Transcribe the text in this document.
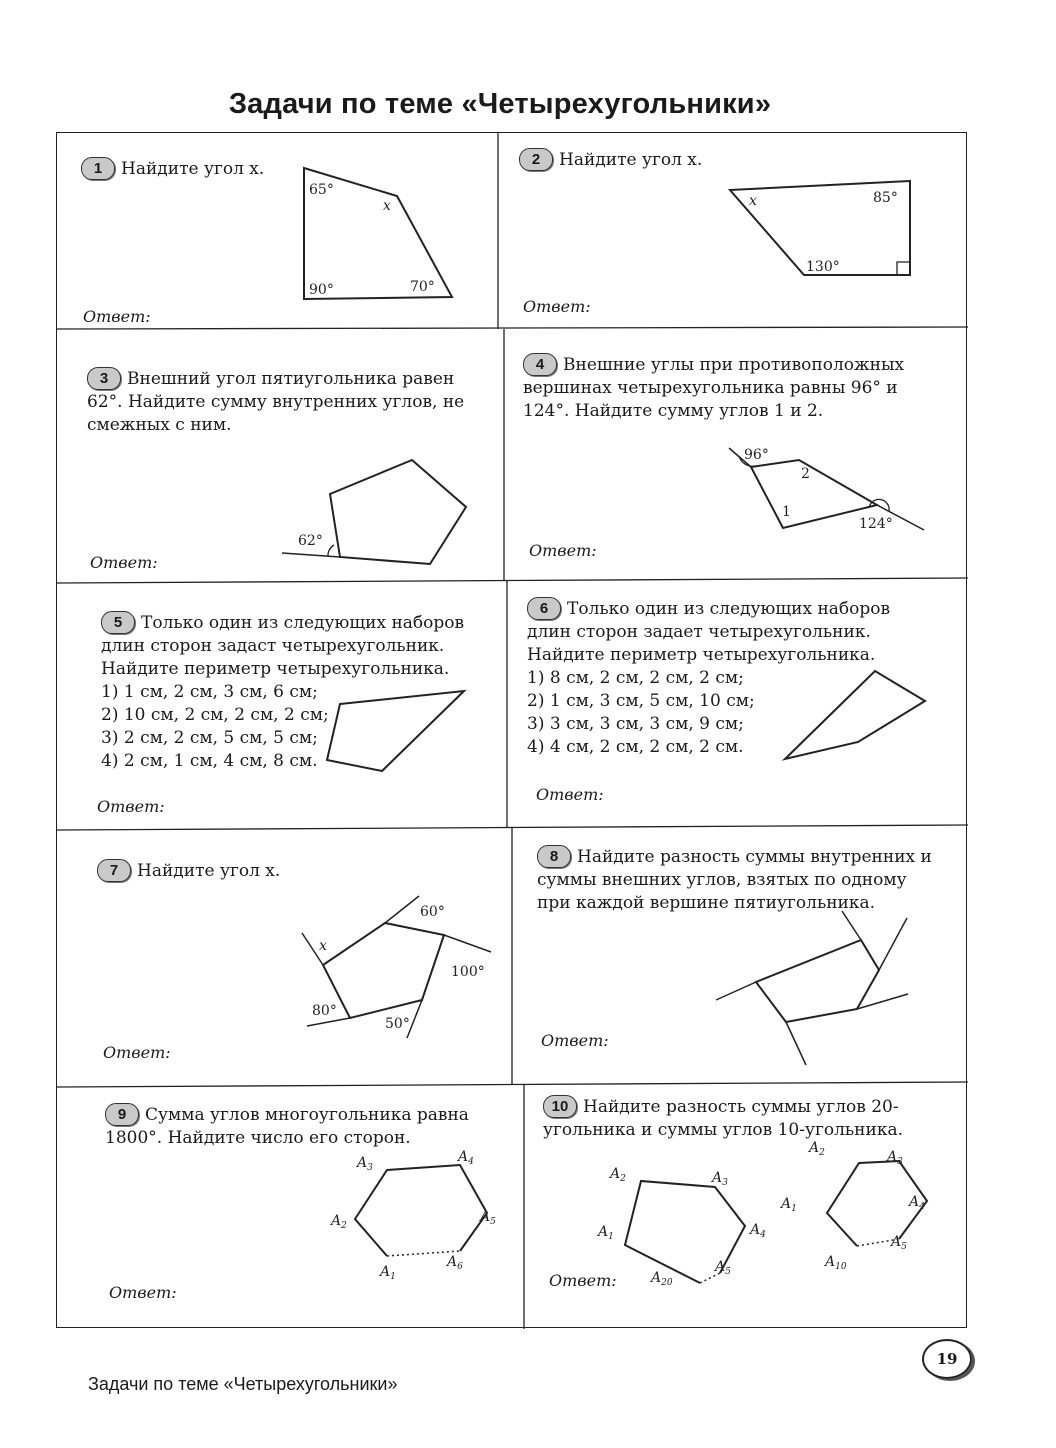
Задачи по теме «Четырехугольники»
1 Найдите угол x.
65°
x
90°	70°
Ответ:
2 Найдите угол x.
x	85°
130°
Ответ:
3 Внешний угол пятиугольника равен 62°. Найдите сумму внутренних углов, не смежных с ним.
62°
Ответ:
4 Внешние углы при противоположных вершинах четырехугольника равны 96° и 124°. Найдите сумму углов 1 и 2.
96°
2
1
124°
Ответ:
5 Только один из следующих наборов длин сторон задаст четырехугольник. Найдите периметр четырехугольника.
1) 1 см, 2 см, 3 см, 6 см;
2) 10 см, 2 см, 2 см, 2 см;
3) 2 см, 2 см, 5 см, 5 см;
4) 2 см, 1 см, 4 см, 8 см.
Ответ:
6 Только один из следующих наборов длин сторон задает четырехугольник. Найдите периметр четырехугольника.
1) 8 см, 2 см, 2 см, 2 см;
2) 1 см, 3 см, 5 см, 10 см;
3) 3 см, 3 см, 3 см, 9 см;
4) 4 см, 2 см, 2 см, 2 см.
Ответ:
7 Найдите угол x.
x
60°
100°
80°
50°
Ответ:
8 Найдите разность суммы внутренних и суммы внешних углов, взятых по одному при каждой вершине пятиугольника.
Ответ:
9 Сумма углов многоугольника равна 1800°. Найдите число его сторон.
$A_3$
$A_4$
$A_2$
$A_5$
$A_1$
$A_6$
Ответ:
10 Найдите разность суммы углов 20-угольника и суммы углов 10-угольника.
$A_2$	$A_3$
$A_1$	$A_4$
$A_5$
$A_{20}$
$A_2$	$A_3$
$A_1$	$A_4$
$A_5$
$A_{10}$
Ответ:
19
Задачи по теме «Четырехугольники»
